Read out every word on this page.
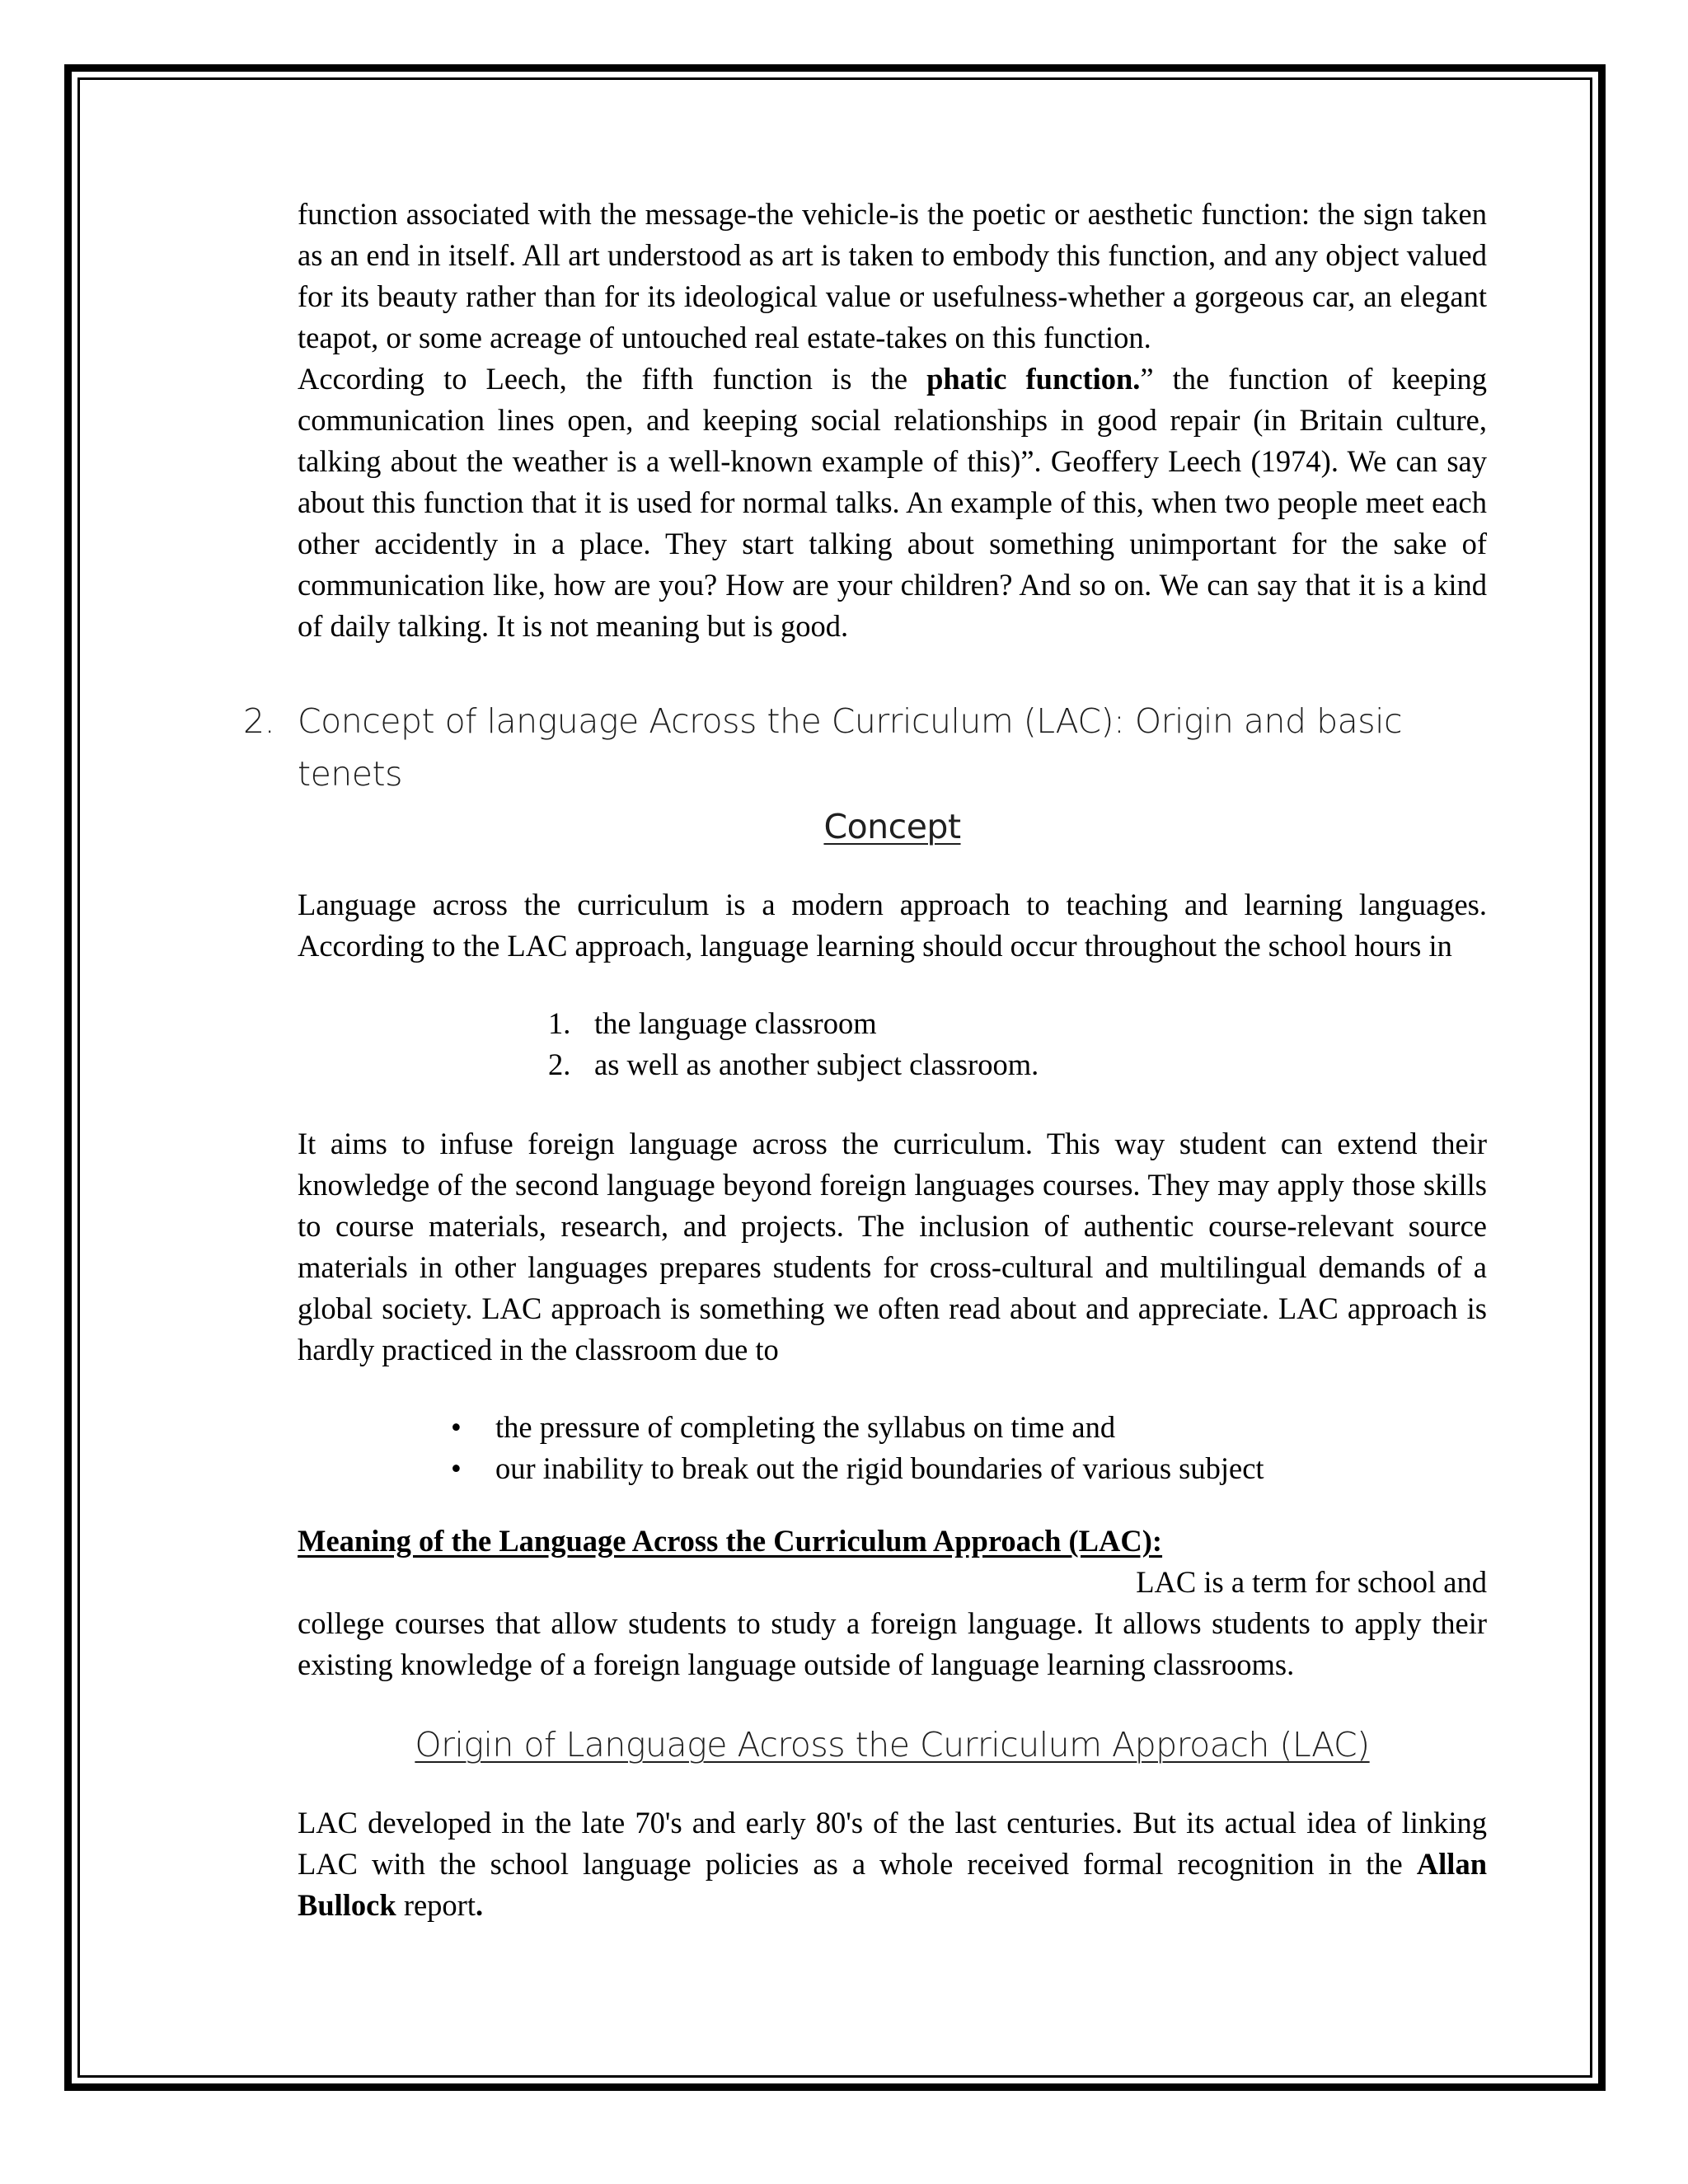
function associated with the message-the vehicle-is the poetic or aesthetic function: the sign taken as an end in itself. All art understood as art is taken to embody this function, and any object valued for its beauty rather than for its ideological value or usefulness-whether a gorgeous car, an elegant teapot, or some acreage of untouched real estate-takes on this function.

According to Leech, the fifth function is the phatic function.” the function of keeping communication lines open, and keeping social relationships in good repair (in Britain culture, talking about the weather is a well-known example of this)”. Geoffery Leech (1974). We can say about this function that it is used for normal talks. An example of this, when two people meet each other accidently in a place. They start talking about something unimportant for the sake of communication like, how are you? How are your children? And so on. We can say that it is a kind of daily talking. It is not meaning but is good.

2. Concept of language Across the Curriculum (LAC): Origin and basic tenets

Concept

Language across the curriculum is a modern approach to teaching and learning languages. According to the LAC approach, language learning should occur throughout the school hours in

1. the language classroom
2. as well as another subject classroom.

It aims to infuse foreign language across the curriculum. This way student can extend their knowledge of the second language beyond foreign languages courses. They may apply those skills to course materials, research, and projects. The inclusion of authentic course-relevant source materials in other languages prepares students for cross-cultural and multilingual demands of a global society. LAC approach is something we often read about and appreciate. LAC approach is hardly practiced in the classroom due to

• the pressure of completing the syllabus on time and
• our inability to break out the rigid boundaries of various subject

Meaning of the Language Across the Curriculum Approach (LAC):

LAC is a term for school and

college courses that allow students to study a foreign language. It allows students to apply their existing knowledge of a foreign language outside of language learning classrooms.

Origin of Language Across the Curriculum Approach (LAC)

LAC developed in the late 70's and early 80's of the last centuries. But its actual idea of linking LAC with the school language policies as a whole received formal recognition in the Allan Bullock report.
